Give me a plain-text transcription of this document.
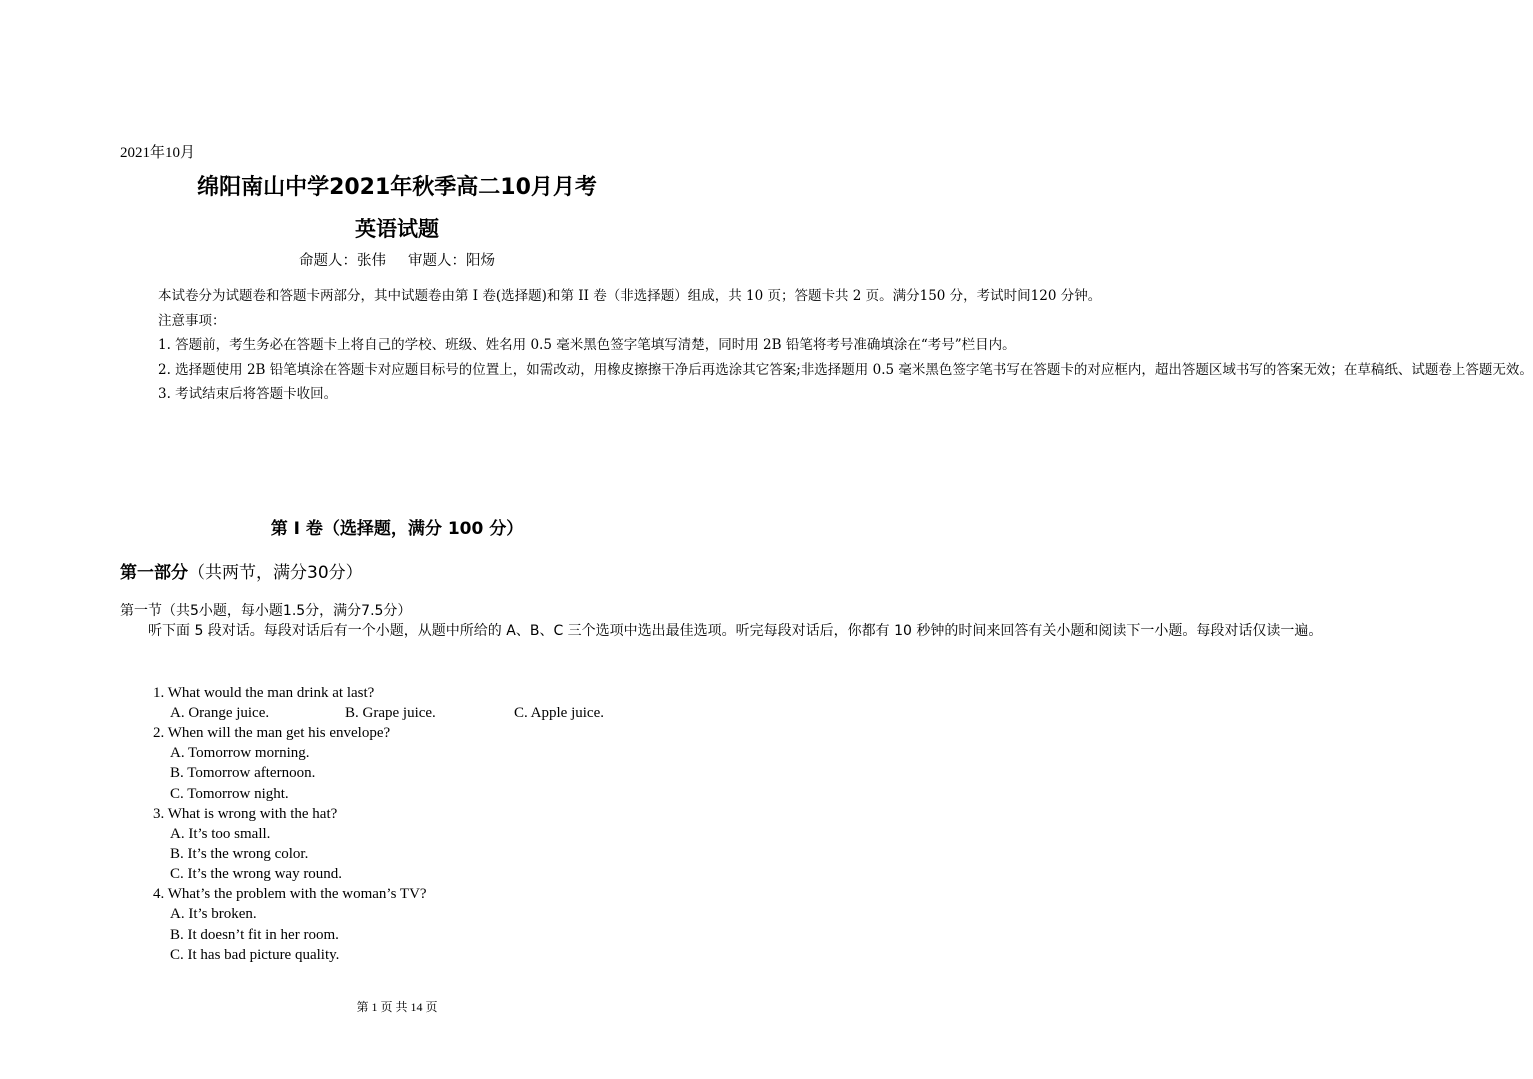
2021年10月
绵阳南山中学2021年秋季高二10月月考
英语试题
命题人：张伟 审题人：阳炀

本试卷分为试题卷和答题卡两部分，其中试题卷由第 I 卷(选择题)和第 II 卷（非选择题）组成，共 10 页；答题卡共 2 页。满分150 分，考试时间120 分钟。

注意事项：

1. 答题前，考生务必在答题卡上将自己的学校、班级、姓名用 0.5 毫米黑色签字笔填写清楚，同时用 2B 铅笔将考号准确填涂在“考号”栏目内。

2. 选择题使用 2B 铅笔填涂在答题卡对应题目标号的位置上，如需改动，用橡皮擦擦干净后再选涂其它答案;非选择题用 0.5 毫米黑色签字笔书写在答题卡的对应框内，超出答题区域书写的答案无效；在草稿纸、试题卷上答题无效。

3. 考试结束后将答题卡收回。

第 I 卷（选择题，满分 100 分）
第一部分（共两节，满分30分）
第一节（共5小题，每小题1.5分，满分7.5分）

听下面 5 段对话。每段对话后有一个小题，从题中所给的 A、B、C 三个选项中选出最佳选项。听完每段对话后，你都有 10 秒钟的时间来回答有关小题和阅读下一小题。每段对话仅读一遍。

1. What would the man drink at last?
A. Orange juice.	B. Grape juice.	C. Apple juice.
2. When will the man get his envelope?
A. Tomorrow morning.
B. Tomorrow afternoon.
C. Tomorrow night.
3. What is wrong with the hat?
A. It’s too small.
B. It’s the wrong color.
C. It’s the wrong way round.
4. What’s the problem with the woman’s TV?
A. It’s broken.
B. It doesn’t fit in her room.
C. It has bad picture quality.
第 1 页 共 14 页
